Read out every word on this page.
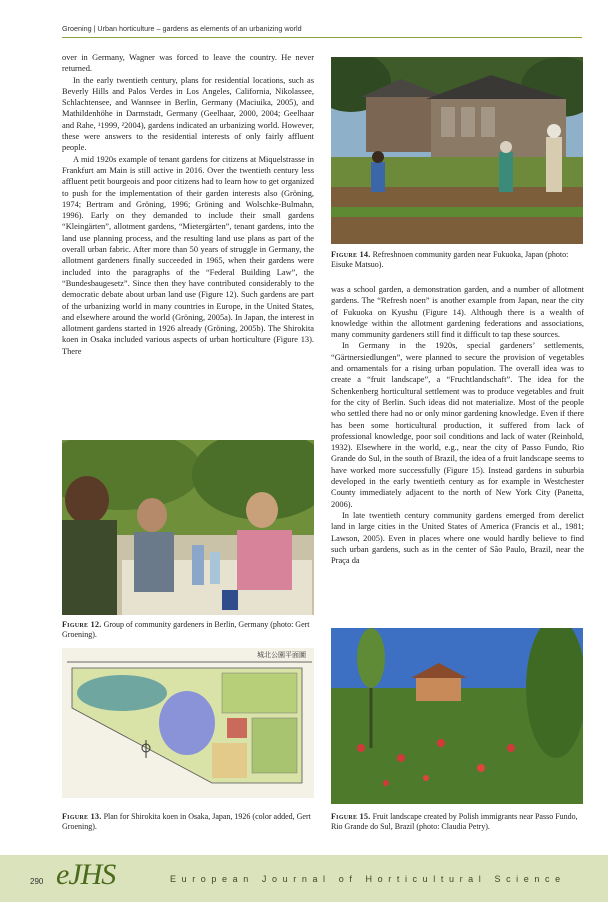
Groening | Urban horticulture – gardens as elements of an urbanizing world
Figure 14. Refreshnoen community garden near Fukuoka, Japan (photo: Eisuke Matsuo).

over in Germany, Wagner was forced to leave the country. He never returned.

In the early twentieth century, plans for residential locations, such as Beverly Hills and Palos Verdes in Los Angeles, California, Nikolassee, Schlachtensee, and Wannsee in Berlin, Germany (Maciuika, 2005), and Mathildenhöhe in Darmstadt, Germany (Geelhaar, 2000, 2004; Geelhaar and Rahe, ¹1999, ²2004), gardens indicated an urbanizing world. However, these were answers to the residential interests of only fairly affluent people.

A mid 1920s example of tenant gardens for citizens at Miquelstrasse in Frankfurt am Main is still active in 2016. Over the twentieth century less affluent petit bourgeois and poor citizens had to learn how to get organized to push for the implementation of their garden interests also (Gröning, 1974; Bertram and Gröning, 1996; Gröning and Wolschke-Bulmahn, 1996). Early on they demanded to include their small gardens “Kleingärten”, allotment gardens, “Mietergärten”, tenant gardens, into the land use planning process, and the resulting land use plans as part of the overall urban fabric. After more than 50 years of struggle in Germany, the allotment gardeners finally succeeded in 1965, when their gardens were included into the paragraphs of the “Federal Building Law”, the “Bundesbaugesetz”. Since then they have contributed considerably to the democratic debate about urban land use (Figure 12). Such gardens are part of the urbanizing world in many countries in Europe, in the United States, and elsewhere around the world (Gröning, 2005a). In Japan, the interest in allotment gardens started in 1926 already (Gröning, 2005b). The Shirokita koen in Osaka included various aspects of urban horticulture (Figure 13). There

was a school garden, a demonstration garden, and a number of allotment gardens. The “Refresh noen” is another example from Japan, near the city of Fukuoka on Kyushu (Figure 14). Although there is a wealth of knowledge within the allotment gardening federations and associations, many community gardeners still find it difficult to tap these sources.

In Germany in the 1920s, special gardeners’ settlements, “Gärtnersiedlungen”, were planned to secure the provision of vegetables and ornamentals for a rising urban population. The overall idea was to create a “fruit landscape”, a “Fruchtlandschaft”. The idea for the Schenkenberg horticultural settlement was to produce vegetables and fruit for the city of Berlin. Such ideas did not materialize. Most of the people who settled there had no or only minor gardening knowledge. Even if there has been some horticultural production, it suffered from lack of professional knowledge, poor soil conditions and lack of water (Reinhold, 1932). Elsewhere in the world, e.g., near the city of Passo Fundo, Rio Grande do Sul, in the south of Brazil, the idea of a fruit landscape seems to have worked more successfully (Figure 15). Instead gardens in suburbia developed in the early twentieth century as for example in Westchester County immediately adjacent to the north of New York City (Panetta, 2006).

In late twentieth century community gardens emerged from derelict land in large cities in the United States of America (Francis et al., 1981; Lawson, 2005). Even in places where one would hardly believe to find such urban gardens, such as in the center of São Paulo, Brazil, near the Praça da

Figure 12. Group of community gardeners in Berlin, Germany (photo: Gert Groening).
城北公園平面圖
Figure 13. Plan for Shirokita koen in Osaka, Japan, 1926 (color added, Gert Groening).
Figure 15. Fruit landscape created by Polish immigrants near Passo Fundo, Rio Grande do Sul, Brazil (photo: Claudia Petry).
290 eJHS	European Journal of Horticultural Science
